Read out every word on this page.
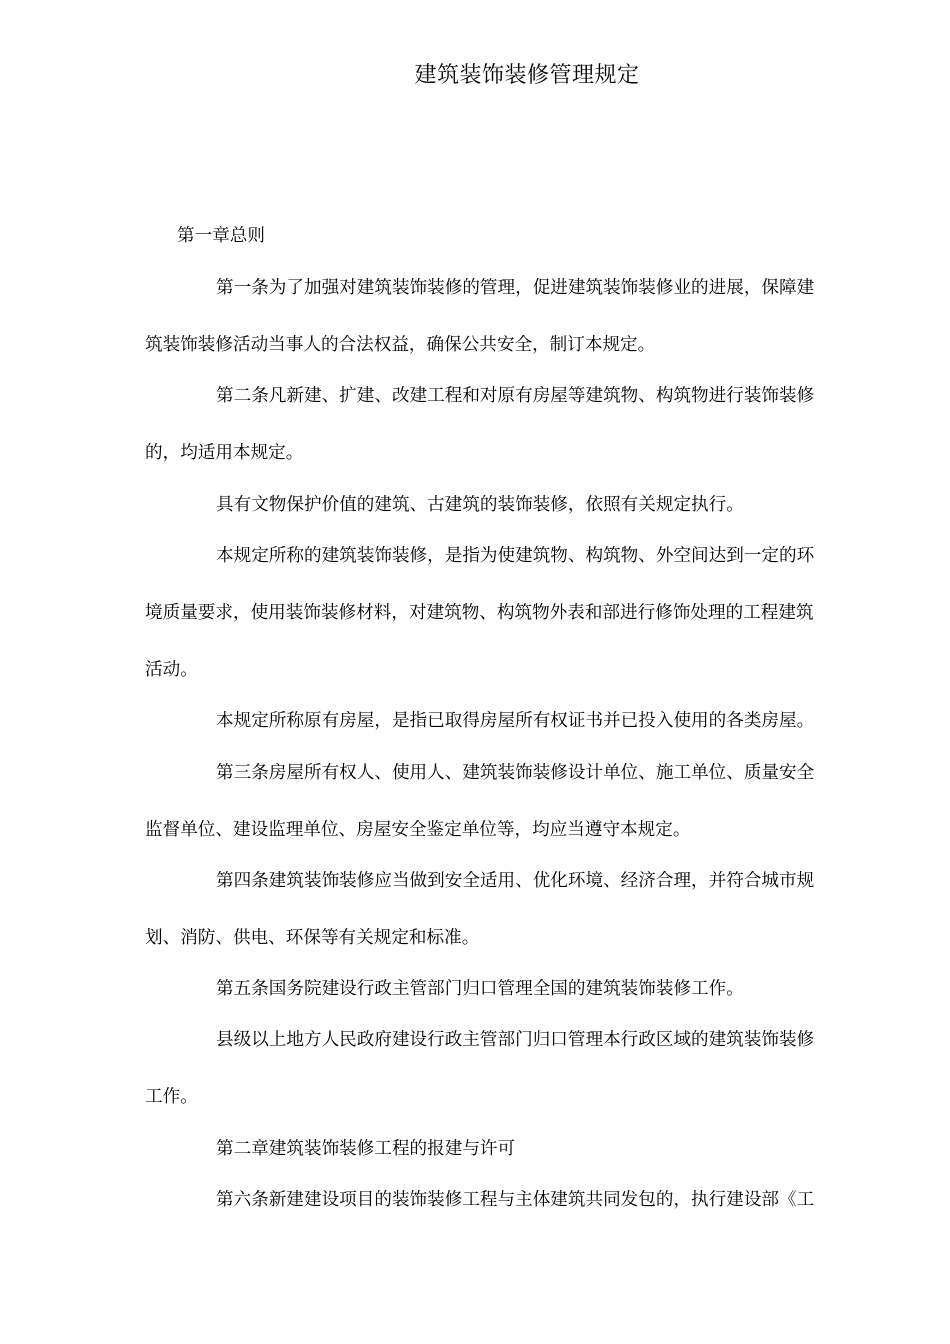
建筑装饰装修管理规定
第一章总则
第一条为了加强对建筑装饰装修的管理，促进建筑装饰装修业的进展，保障建
筑装饰装修活动当事人的合法权益，确保公共安全，制订本规定。
第二条凡新建、扩建、改建工程和对原有房屋等建筑物、构筑物进行装饰装修
的，均适用本规定。
具有文物保护价值的建筑、古建筑的装饰装修，依照有关规定执行。
本规定所称的建筑装饰装修，是指为使建筑物、构筑物、外空间达到一定的环
境质量要求，使用装饰装修材料，对建筑物、构筑物外表和部进行修饰处理的工程建筑
活动。
本规定所称原有房屋，是指已取得房屋所有权证书并已投入使用的各类房屋。
第三条房屋所有权人、使用人、建筑装饰装修设计单位、施工单位、质量安全
监督单位、建设监理单位、房屋安全鉴定单位等，均应当遵守本规定。
第四条建筑装饰装修应当做到安全适用、优化环境、经济合理，并符合城市规
划、消防、供电、环保等有关规定和标准。
第五条国务院建设行政主管部门归口管理全国的建筑装饰装修工作。
县级以上地方人民政府建设行政主管部门归口管理本行政区域的建筑装饰装修
工作。
第二章建筑装饰装修工程的报建与许可
第六条新建建设项目的装饰装修工程与主体建筑共同发包的，执行建设部《工
